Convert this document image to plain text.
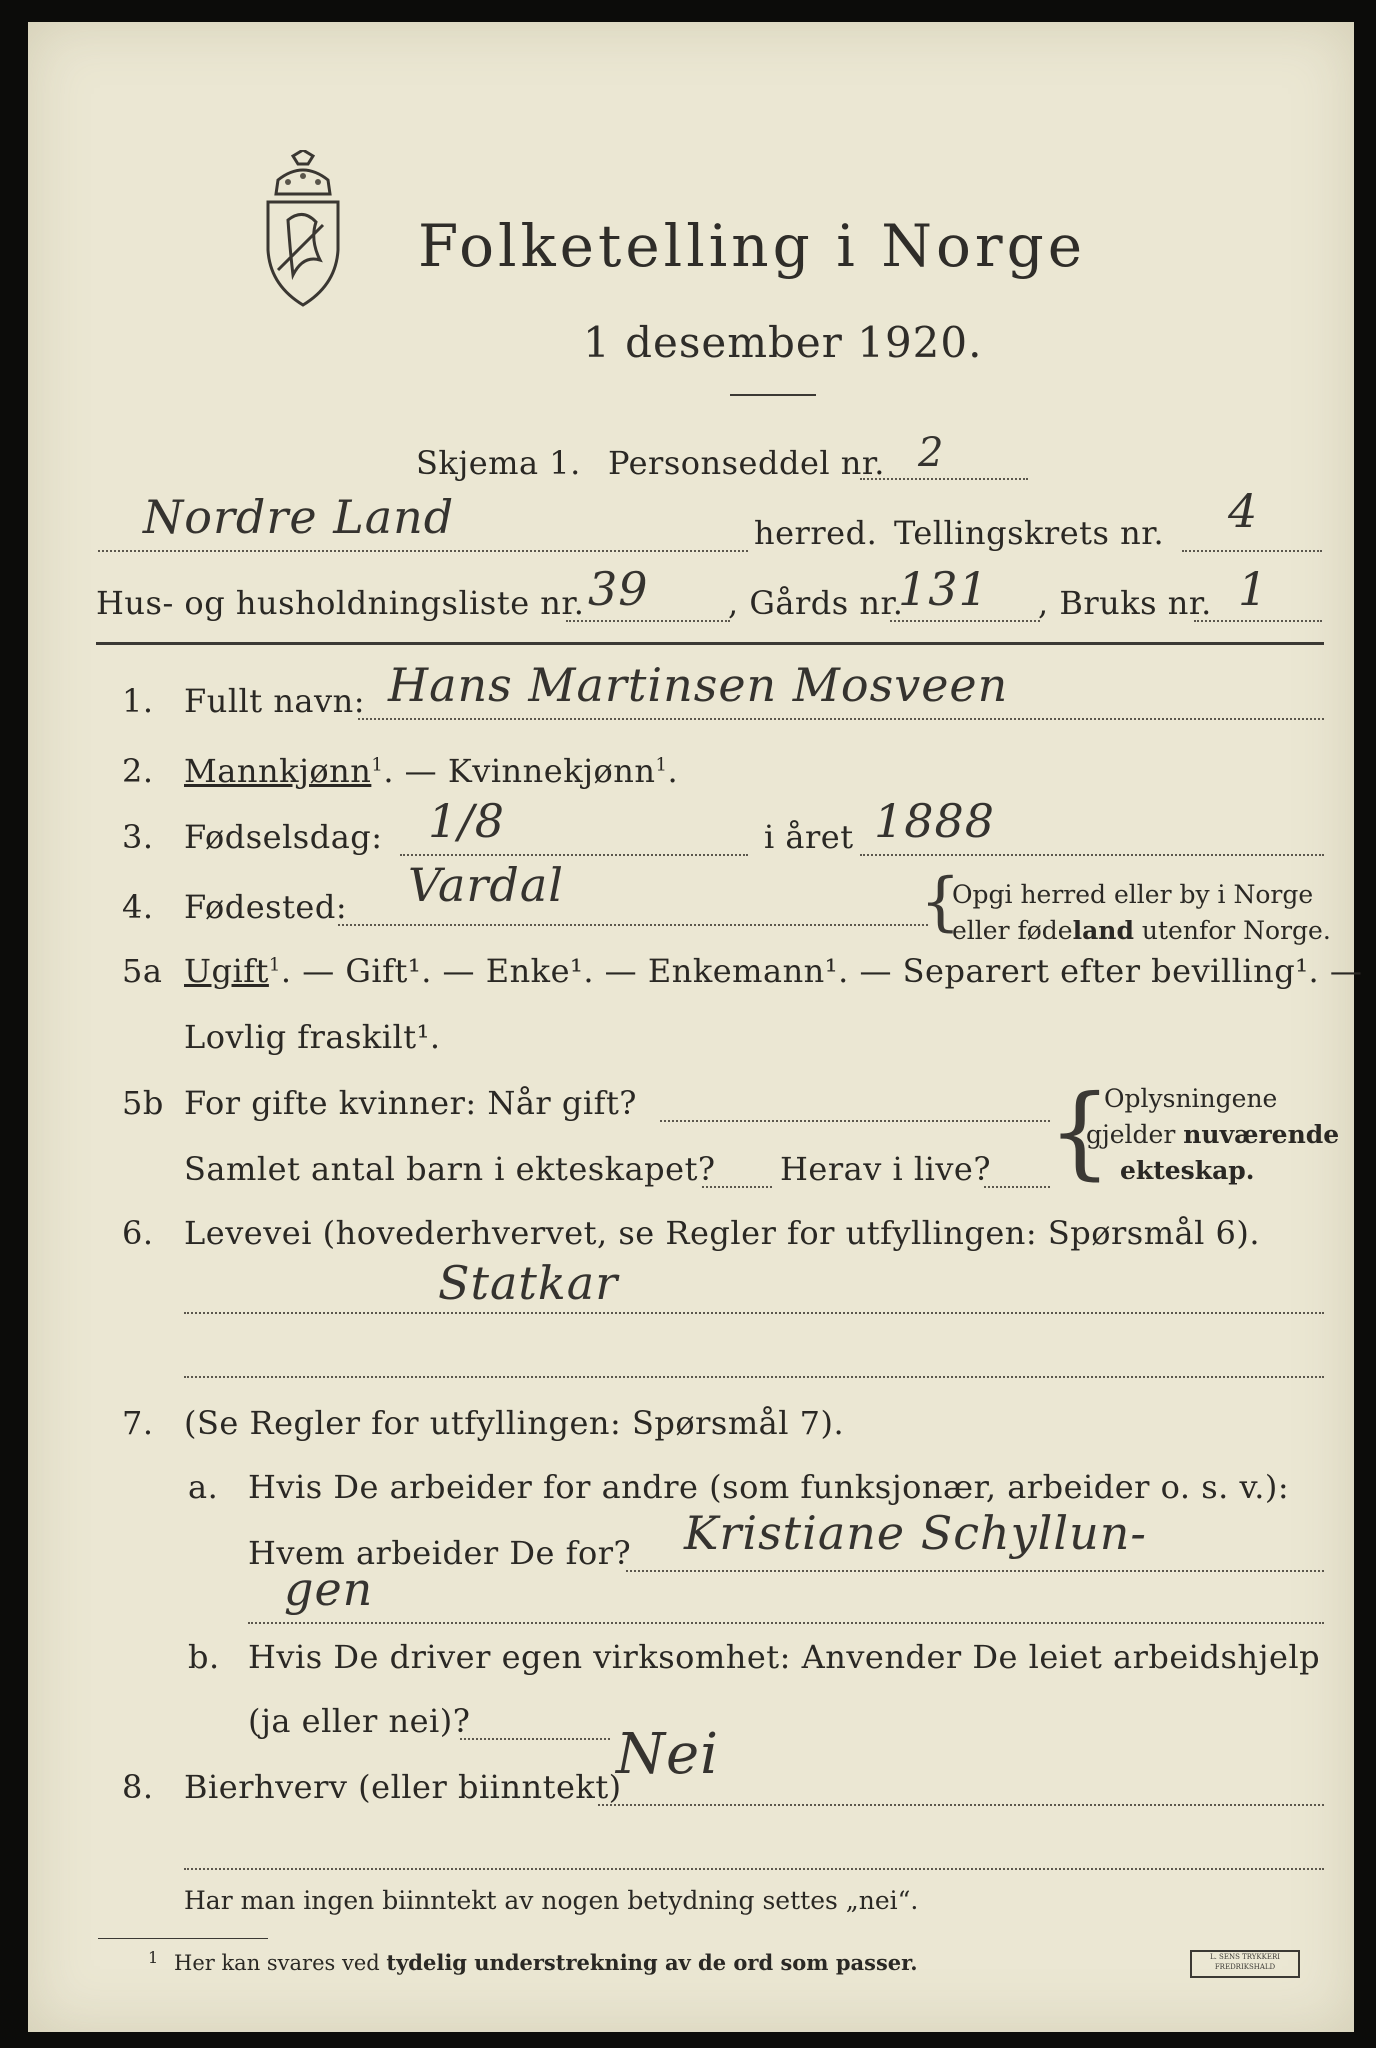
Folketelling i Norge
1 desember 1920.
Skjema 1. Personseddel nr. 2
Nordre Land	herred. Tellingskrets nr. 4
Hus- og husholdningsliste nr. 39 , Gårds nr.
131 , Bruks nr. 1
1. Fullt navn: Hans Martinsen Mosveen
2. Mannkjønn$^1$. — Kvinnekjønn$^1$.
3. Fødselsdag: 1/8	i året 1888
4. Fødested: Vardal	{
Opgi herred eller by i Norge
eller fødeland utenfor Norge.
5a Ugift$^1$. — Gift¹. — Enke¹. — Enkemann¹. — Separert efter bevilling¹. —
Lovlig fraskilt¹.
5b For gifte kvinner: Når gift?
Samlet antal barn i ekteskapet? Herav i live? {
Oplysningene
gjelder nuværende
ekteskap.
6. Levevei (hovederhvervet, se Regler for utfyllingen: Spørsmål 6).
Statkar
7. (Se Regler for utfyllingen: Spørsmål 7).
a. Hvis De arbeider for andre (som funksjonær, arbeider o. s. v.):
Hvem arbeider De for? Kristiane Schyllun-
gen
b. Hvis De driver egen virksomhet: Anvender De leiet arbeidshjelp
(ja eller nei)?
8. Bierhverv (eller biinntekt)
Nei
Har man ingen biinntekt av nogen betydning settes „nei“.
1 Her kan svares ved tydelig understrekning av de ord som passer.	L. SENS TRYKKERI FREDRIKSHALD
